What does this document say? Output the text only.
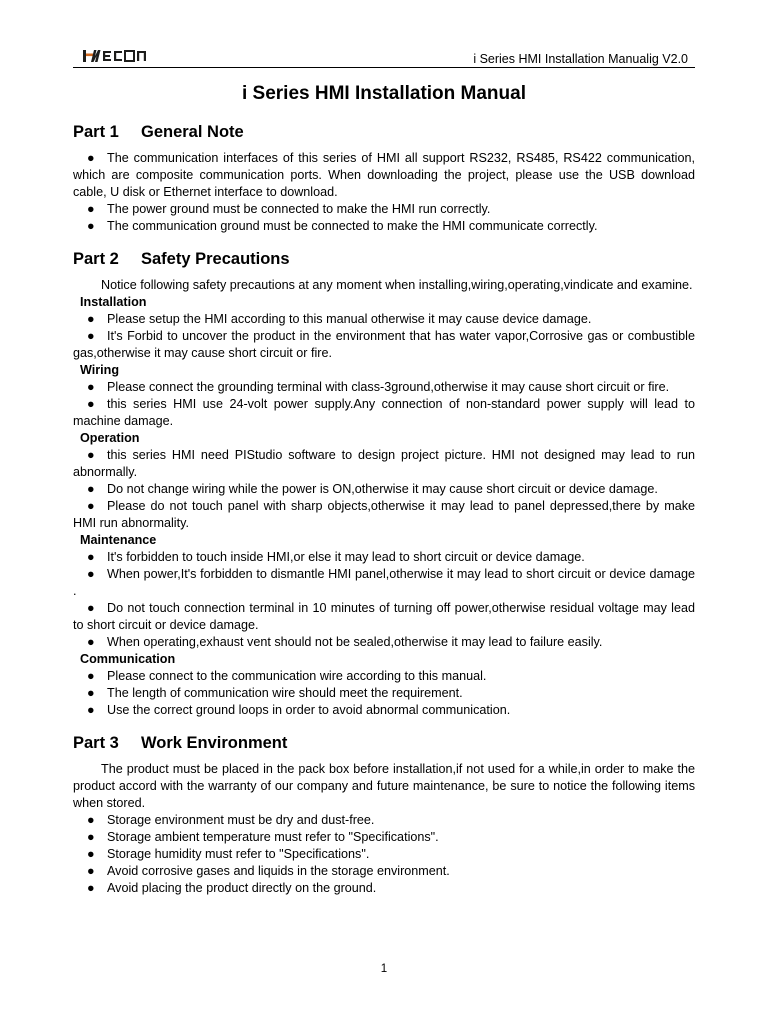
i Series HMI Installation Manualig V2.0
i Series HMI Installation Manual
Part 1 General Note

● The communication interfaces of this series of HMI all support RS232, RS485, RS422 communication, which are composite communication ports. When downloading the project, please use the USB download cable, U disk or Ethernet interface to download.

● The power ground must be connected to make the HMI run correctly.

● The communication ground must be connected to make the HMI communicate correctly.

Part 2 Safety Precautions

Notice following safety precautions at any moment when installing,wiring,operating,vindicate and examine.

Installation

● Please setup the HMI according to this manual otherwise it may cause device damage.

● It's Forbid to uncover the product in the environment that has water vapor,Corrosive gas or combustible gas,otherwise it may cause short circuit or fire.

Wiring

● Please connect the grounding terminal with class-3ground,otherwise it may cause short circuit or fire.

● this series HMI use 24-volt power supply.Any connection of non-standard power supply will lead to machine damage.

Operation

● this series HMI need PIStudio software to design project picture. HMI not designed may lead to run abnormally.

● Do not change wiring while the power is ON,otherwise it may cause short circuit or device damage.

● Please do not touch panel with sharp objects,otherwise it may lead to panel depressed,there by make HMI run abnormality.

Maintenance

● It's forbidden to touch inside HMI,or else it may lead to short circuit or device damage.

● When power,It's forbidden to dismantle HMI panel,otherwise it may lead to short circuit or device damage .

● Do not touch connection terminal in 10 minutes of turning off power,otherwise residual voltage may lead to short circuit or device damage.

● When operating,exhaust vent should not be sealed,otherwise it may lead to failure easily.

Communication

● Please connect to the communication wire according to this manual.

● The length of communication wire should meet the requirement.

● Use the correct ground loops in order to avoid abnormal communication.

Part 3 Work Environment

The product must be placed in the pack box before installation,if not used for a while,in order to make the product accord with the warranty of our company and future maintenance, be sure to notice the following items when stored.

● Storage environment must be dry and dust-free.

● Storage ambient temperature must refer to "Specifications".

● Storage humidity must refer to "Specifications".

● Avoid corrosive gases and liquids in the storage environment.

● Avoid placing the product directly on the ground.

1
